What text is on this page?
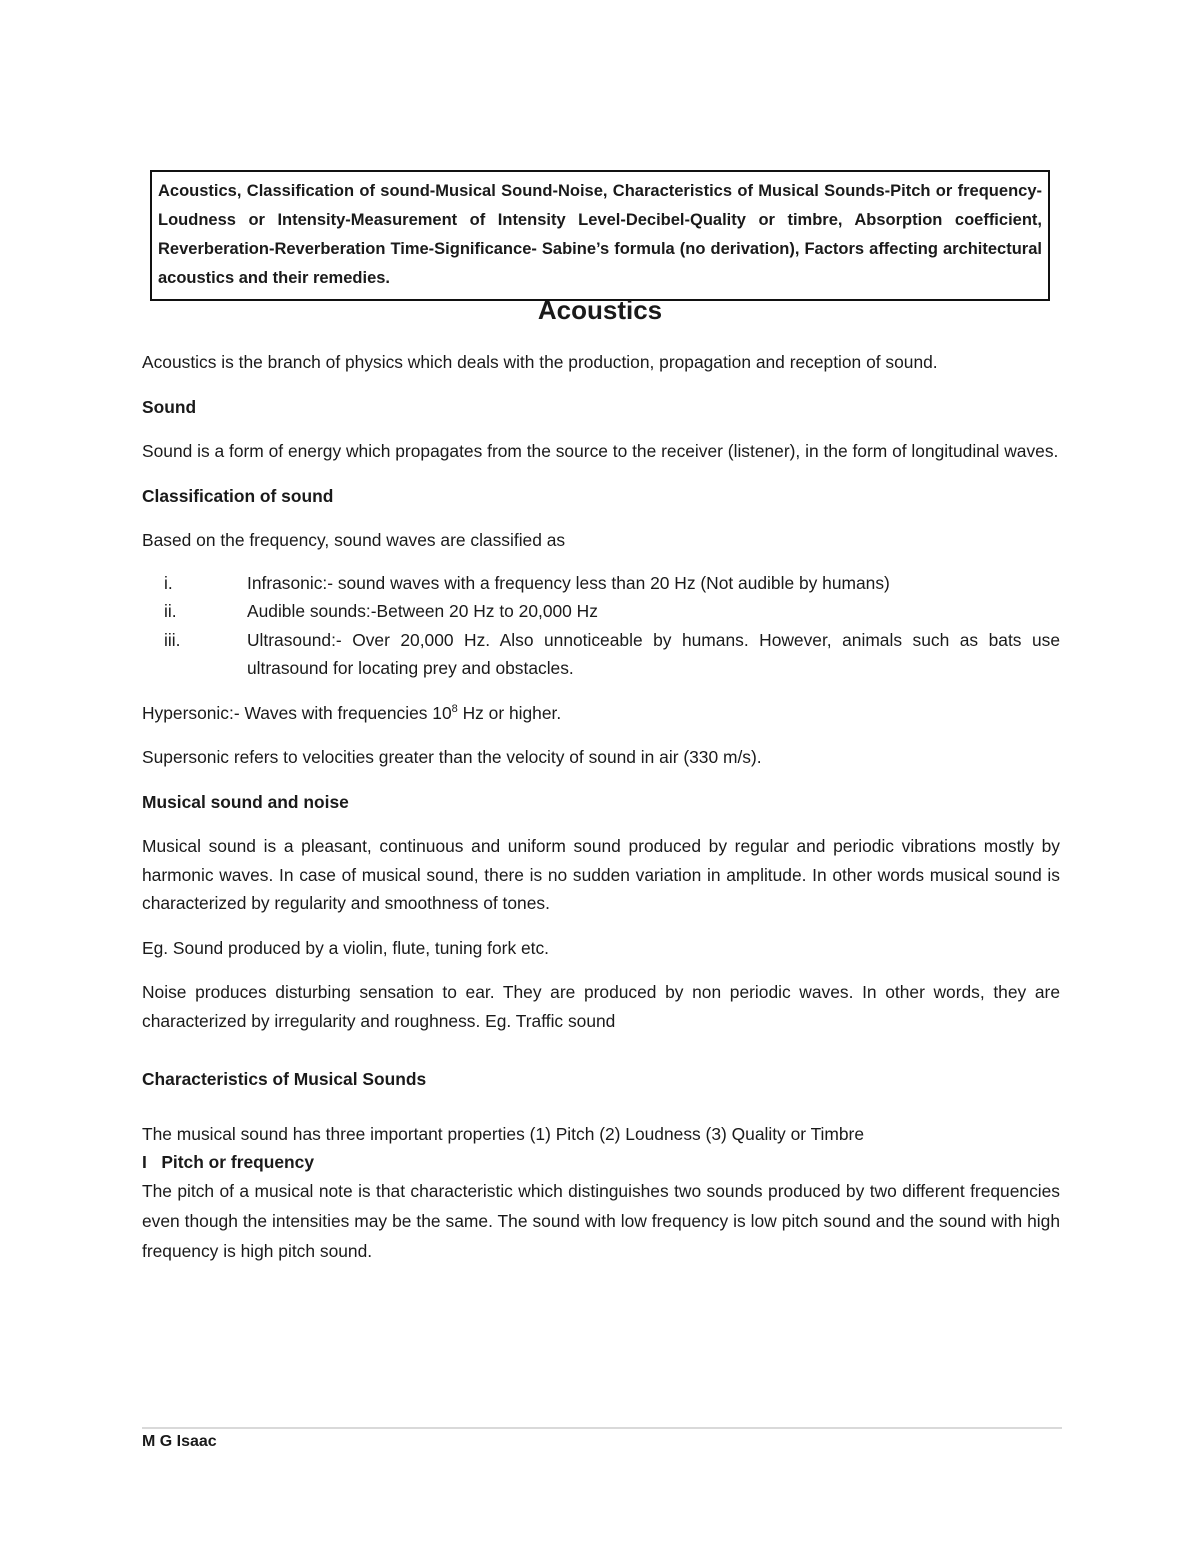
Acoustics, Classification of sound-Musical Sound-Noise, Characteristics of Musical Sounds-Pitch or frequency-Loudness or Intensity-Measurement of Intensity Level-Decibel-Quality or timbre, Absorption coefficient, Reverberation-Reverberation Time-Significance- Sabine’s formula (no derivation), Factors affecting architectural acoustics and their remedies.
Acoustics

Acoustics is the branch of physics which deals with the production, propagation and reception of sound.

Sound

Sound is a form of energy which propagates from the source to the receiver (listener), in the form of longitudinal waves.

Classification of sound

Based on the frequency, sound waves are classified as

i.	Infrasonic:- sound waves with a frequency less than 20 Hz (Not audible by humans)
ii.	Audible sounds:-Between 20 Hz to 20,000 Hz
iii.	Ultrasound:- Over 20,000 Hz. Also unnoticeable by humans. However, animals such as bats use ultrasound for locating prey and obstacles.

Hypersonic:- Waves with frequencies $10^8$ Hz or higher.

Supersonic refers to velocities greater than the velocity of sound in air (330 m/s).

Musical sound and noise

Musical sound is a pleasant, continuous and uniform sound produced by regular and periodic vibrations mostly by harmonic waves. In case of musical sound, there is no sudden variation in amplitude. In other words musical sound is characterized by regularity and smoothness of tones.

Eg. Sound produced by a violin, flute, tuning fork etc.

Noise produces disturbing sensation to ear. They are produced by non periodic waves. In other words, they are characterized by irregularity and roughness. Eg. Traffic sound

Characteristics of Musical Sounds

The musical sound has three important properties (1) Pitch (2) Loudness (3) Quality or Timbre

I   Pitch or frequency

The pitch of a musical note is that characteristic which distinguishes two sounds produced by two different frequencies even though the intensities may be the same. The sound with low frequency is low pitch sound and the sound with high frequency is high pitch sound.

M G Isaac
